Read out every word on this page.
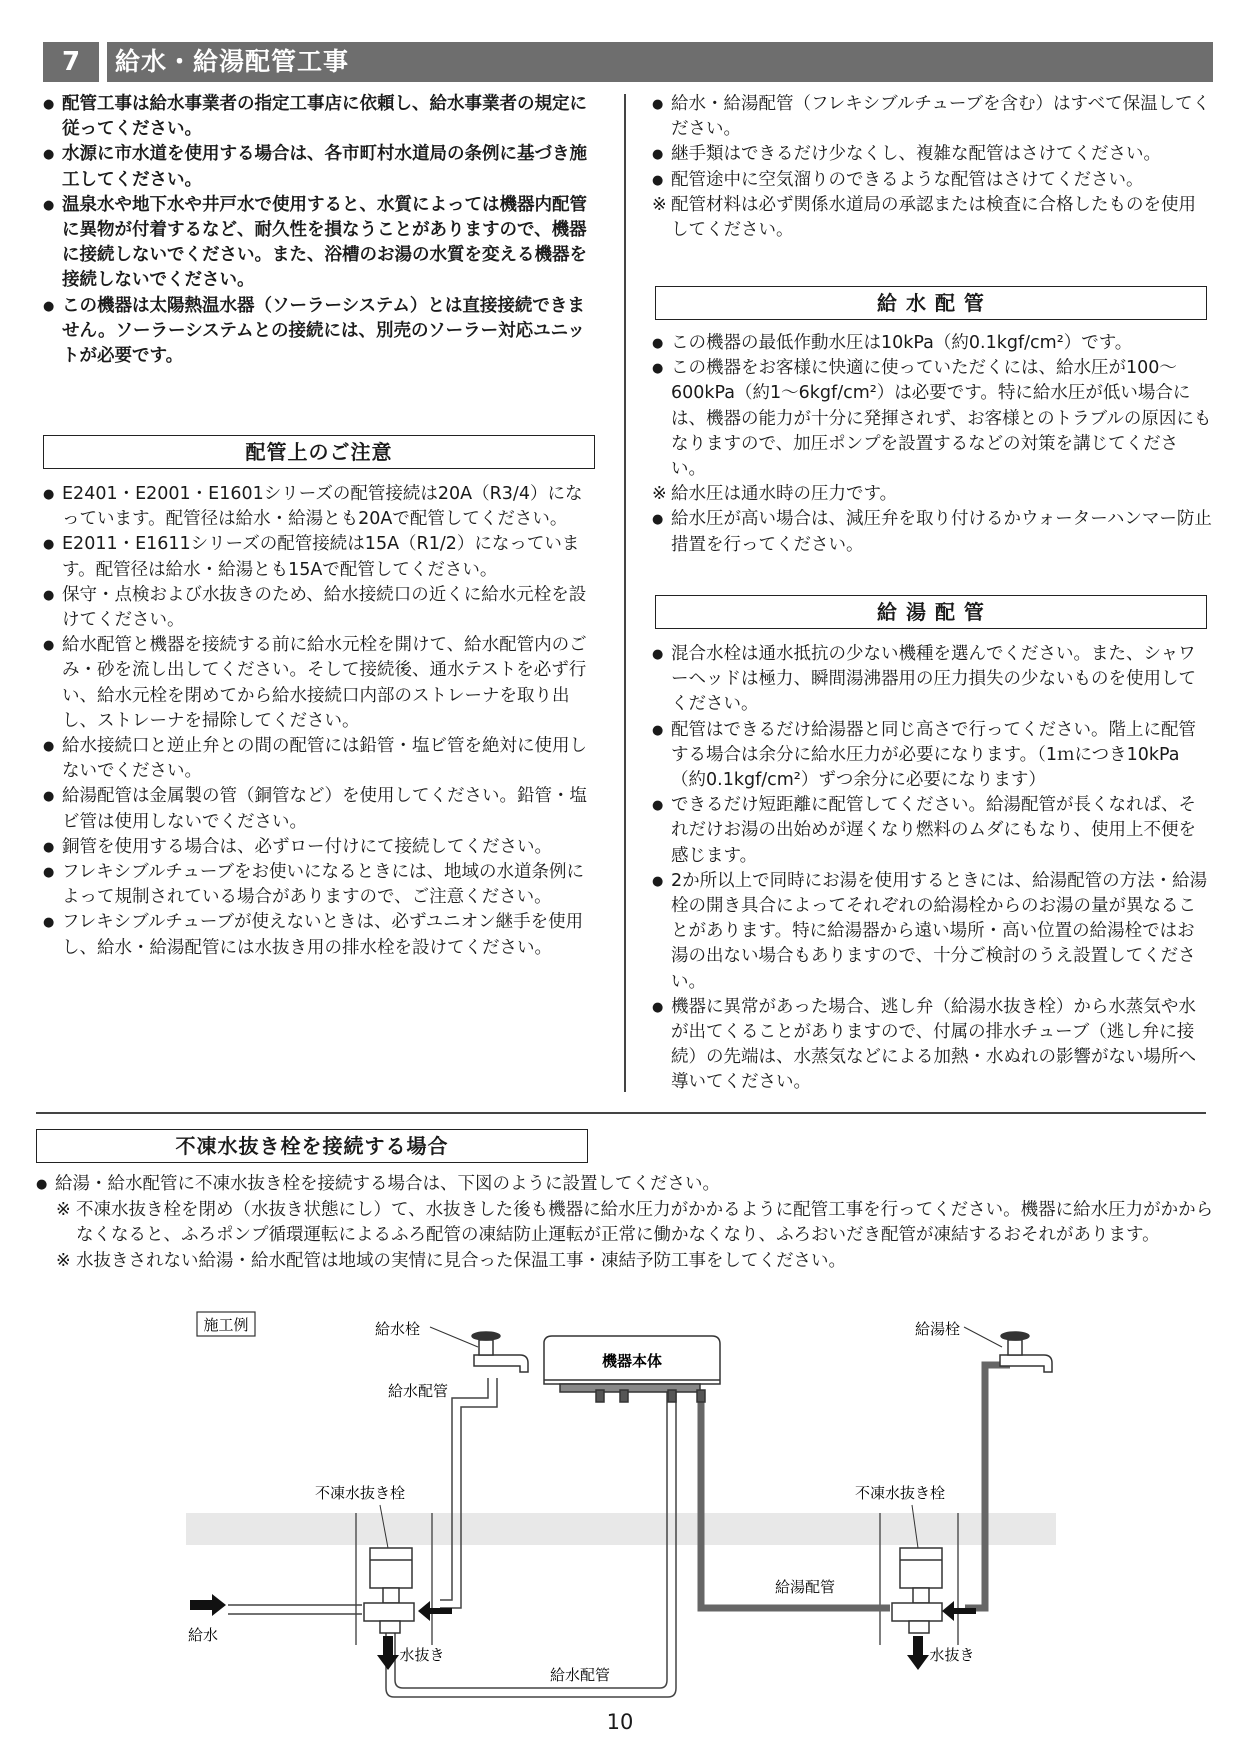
7	給水・給湯配管工事

● 配管工事は給水事業者の指定工事店に依頼し、給水事業者の規定に従ってください。

● 水源に市水道を使用する場合は、各市町村水道局の条例に基づき施工してください。

● 温泉水や地下水や井戸水で使用すると、水質によっては機器内配管に異物が付着するなど、耐久性を損なうことがありますので、機器に接続しないでください。また、浴槽のお湯の水質を変える機器を接続しないでください。

● この機器は太陽熱温水器（ソーラーシステム）とは直接接続できません。ソーラーシステムとの接続には、別売のソーラー対応ユニットが必要です。

配管上のご注意

● E2401・E2001・E1601シリーズの配管接続は20A（R3/4）になっています。配管径は給水・給湯とも20Aで配管してください。

● E2011・E1611シリーズの配管接続は15A（R1/2）になっています。配管径は給水・給湯とも15Aで配管してください。

● 保守・点検および水抜きのため、給水接続口の近くに給水元栓を設けてください。

● 給水配管と機器を接続する前に給水元栓を開けて、給水配管内のごみ・砂を流し出してください。そして接続後、通水テストを必ず行い、給水元栓を閉めてから給水接続口内部のストレーナを取り出し、ストレーナを掃除してください。

● 給水接続口と逆止弁との間の配管には鉛管・塩ビ管を絶対に使用しないでください。

● 給湯配管は金属製の管（銅管など）を使用してください。鉛管・塩ビ管は使用しないでください。

● 銅管を使用する場合は、必ずロー付けにて接続してください。

● フレキシブルチューブをお使いになるときには、地域の水道条例によって規制されている場合がありますので、ご注意ください。

● フレキシブルチューブが使えないときは、必ずユニオン継手を使用し、給水・給湯配管には水抜き用の排水栓を設けてください。

● 給水・給湯配管（フレキシブルチューブを含む）はすべて保温してください。

● 継手類はできるだけ少なくし、複雑な配管はさけてください。

● 配管途中に空気溜りのできるような配管はさけてください。

※ 配管材料は必ず関係水道局の承認または検査に合格したものを使用してください。

給 水 配 管

● この機器の最低作動水圧は10kPa（約0.1kgf/cm²）です。

● この機器をお客様に快適に使っていただくには、給水圧が100～600kPa（約1～6kgf/cm²）は必要です。特に給水圧が低い場合には、機器の能力が十分に発揮されず、お客様とのトラブルの原因にもなりますので、加圧ポンプを設置するなどの対策を講じてください。

※ 給水圧は通水時の圧力です。

● 給水圧が高い場合は、減圧弁を取り付けるかウォーターハンマー防止措置を行ってください。

給 湯 配 管

● 混合水栓は通水抵抗の少ない機種を選んでください。また、シャワーヘッドは極力、瞬間湯沸器用の圧力損失の少ないものを使用してください。

● 配管はできるだけ給湯器と同じ高さで行ってください。階上に配管する場合は余分に給水圧力が必要になります。（1ｍにつき10kPa（約0.1kgf/cm²）ずつ余分に必要になります）

● できるだけ短距離に配管してください。給湯配管が長くなれば、それだけお湯の出始めが遅くなり燃料のムダにもなり、使用上不便を感じます。

● 2か所以上で同時にお湯を使用するときには、給湯配管の方法・給湯栓の開き具合によってそれぞれの給湯栓からのお湯の量が異なることがあります。特に給湯器から遠い場所・高い位置の給湯栓ではお湯の出ない場合もありますので、十分ご検討のうえ設置してください。

● 機器に異常があった場合、逃し弁（給湯水抜き栓）から水蒸気や水が出てくることがありますので、付属の排水チューブ（逃し弁に接続）の先端は、水蒸気などによる加熱・水ぬれの影響がない場所へ導いてください。

不凍水抜き栓を接続する場合

● 給湯・給水配管に不凍水抜き栓を接続する場合は、下図のように設置してください。

※ 不凍水抜き栓を閉め（水抜き状態にし）て、水抜きした後も機器に給水圧力がかかるように配管工事を行ってください。機器に給水圧力がかからなくなると、ふろポンプ循環運転によるふろ配管の凍結防止運転が正常に働かなくなり、ふろおいだき配管が凍結するおそれがあります。

※ 水抜きされない給湯・給水配管は地域の実情に見合った保温工事・凍結予防工事をしてください。

施工例
機器本体
給水栓	給湯栓
給水配管
不凍水抜き栓	不凍水抜き栓
給湯配管
給水
水抜き	水抜き
給水配管
10
